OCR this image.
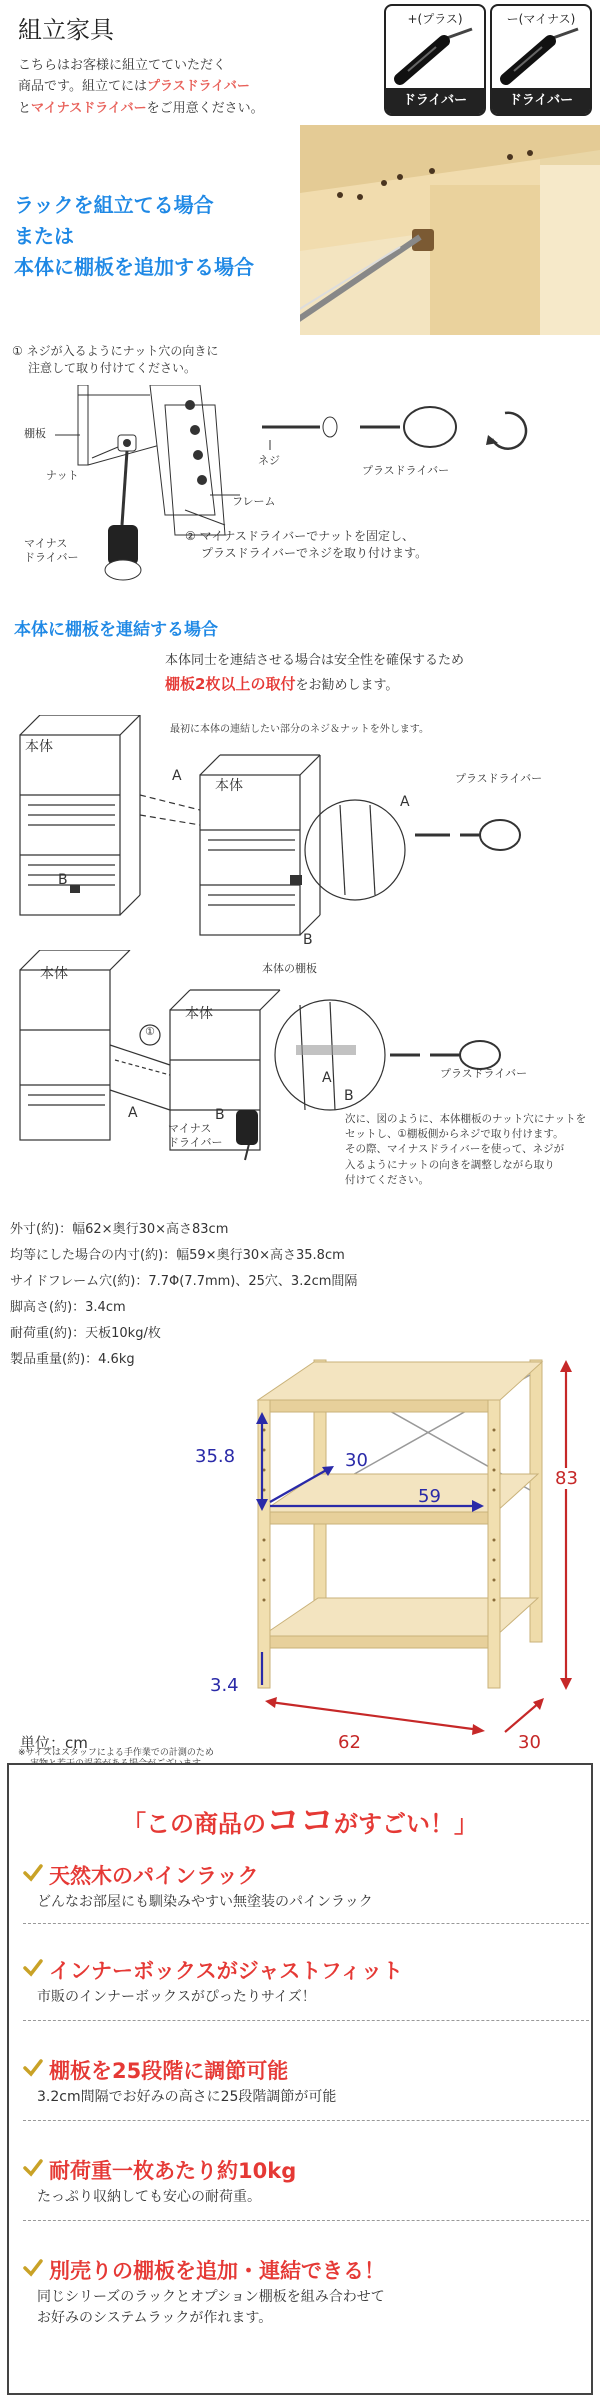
組立家具
こちらはお客様に組立てていただく
商品です。組立てにはプラスドライバー
とマイナスドライバーをご用意ください。
+(プラス)
ドライバー
ー(マイナス)
ドライバー
ラックを組立てる場合
または
本体に棚板を追加する場合
① ネジが入るようにナット穴の向きに
注意して取り付けてください。
棚板
ナット
ネジ
プラスドライバー
フレーム
マイナス
ドライバー
② マイナスドライバーでナットを固定し、
プラスドライバーでネジを取り付けます。
本体に棚板を連結する場合
本体同士を連結させる場合は安全性を確保するため
棚板2枚以上の取付をお勧めします。
最初に本体の連結したい部分のネジ＆ナットを外します。
本体
本体
A
A
B
B
プラスドライバー
本体
本体
①
本体の棚板
プラスドライバー
A
A
B
B
マイナス
ドライバー
次に、図のように、本体棚板のナット穴にナットを
セットし、①棚板側からネジで取り付けます。
その際、マイナスドライバーを使って、ネジが
入るようにナットの向きを調整しながら取り
付けてください。
外寸(約)：幅62×奥行30×高さ83cm
均等にした場合の内寸(約)：幅59×奥行30×高さ35.8cm
サイドフレーム穴(約)：7.7Φ(7.7mm)、25穴、3.2cm間隔
脚高さ(約)：3.4cm
耐荷重(約)：天板10kg/枚
製品重量(約)：4.6kg
35.8	30
59
3.4
83
62	30
単位：cm
※サイズはスタッフによる手作業での計測のため
「この商品のココがすごい！」
天然木のパインラック
どんなお部屋にも馴染みやすい無塗装のパインラック
インナーボックスがジャストフィット
市販のインナーボックスがぴったりサイズ！
棚板を25段階に調節可能
3.2cm間隔でお好みの高さに25段階調節が可能
耐荷重一枚あたり約10kg
たっぷり収納しても安心の耐荷重。
別売りの棚板を追加・連結できる！
同じシリーズのラックとオプション棚板を組み合わせて
お好みのシステムラックが作れます。
